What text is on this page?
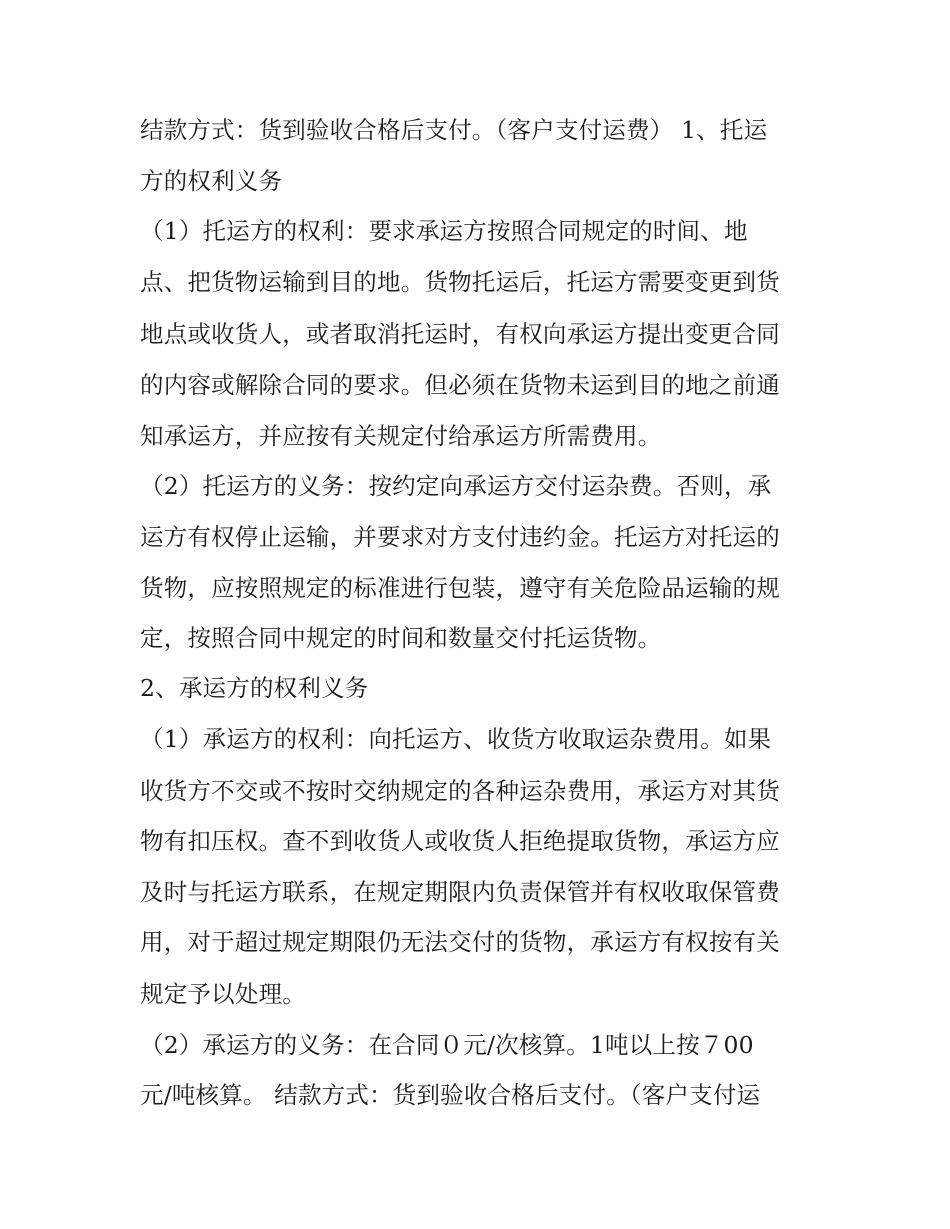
结款方式：货到验收合格后支付。（客户支付运费） 1、托运
方的权利义务
（1）托运方的权利：要求承运方按照合同规定的时间、地
点、把货物运输到目的地。货物托运后，托运方需要变更到货
地点或收货人，或者取消托运时，有权向承运方提出变更合同
的内容或解除合同的要求。但必须在货物未运到目的地之前通
知承运方，并应按有关规定付给承运方所需费用。
（2）托运方的义务：按约定向承运方交付运杂费。否则，承
运方有权停止运输，并要求对方支付违约金。托运方对托运的
货物，应按照规定的标准进行包装，遵守有关危险品运输的规
定，按照合同中规定的时间和数量交付托运货物。
2、承运方的权利义务
（1）承运方的权利：向托运方、收货方收取运杂费用。如果
收货方不交或不按时交纳规定的各种运杂费用，承运方对其货
物有扣压权。查不到收货人或收货人拒绝提取货物，承运方应
及时与托运方联系，在规定期限内负责保管并有权收取保管费
用，对于超过规定期限仍无法交付的货物，承运方有权按有关
规定予以处理。
（2）承运方的义务：在合同０元/次核算。1吨以上按７00
元/吨核算。 结款方式：货到验收合格后支付。（客户支付运
